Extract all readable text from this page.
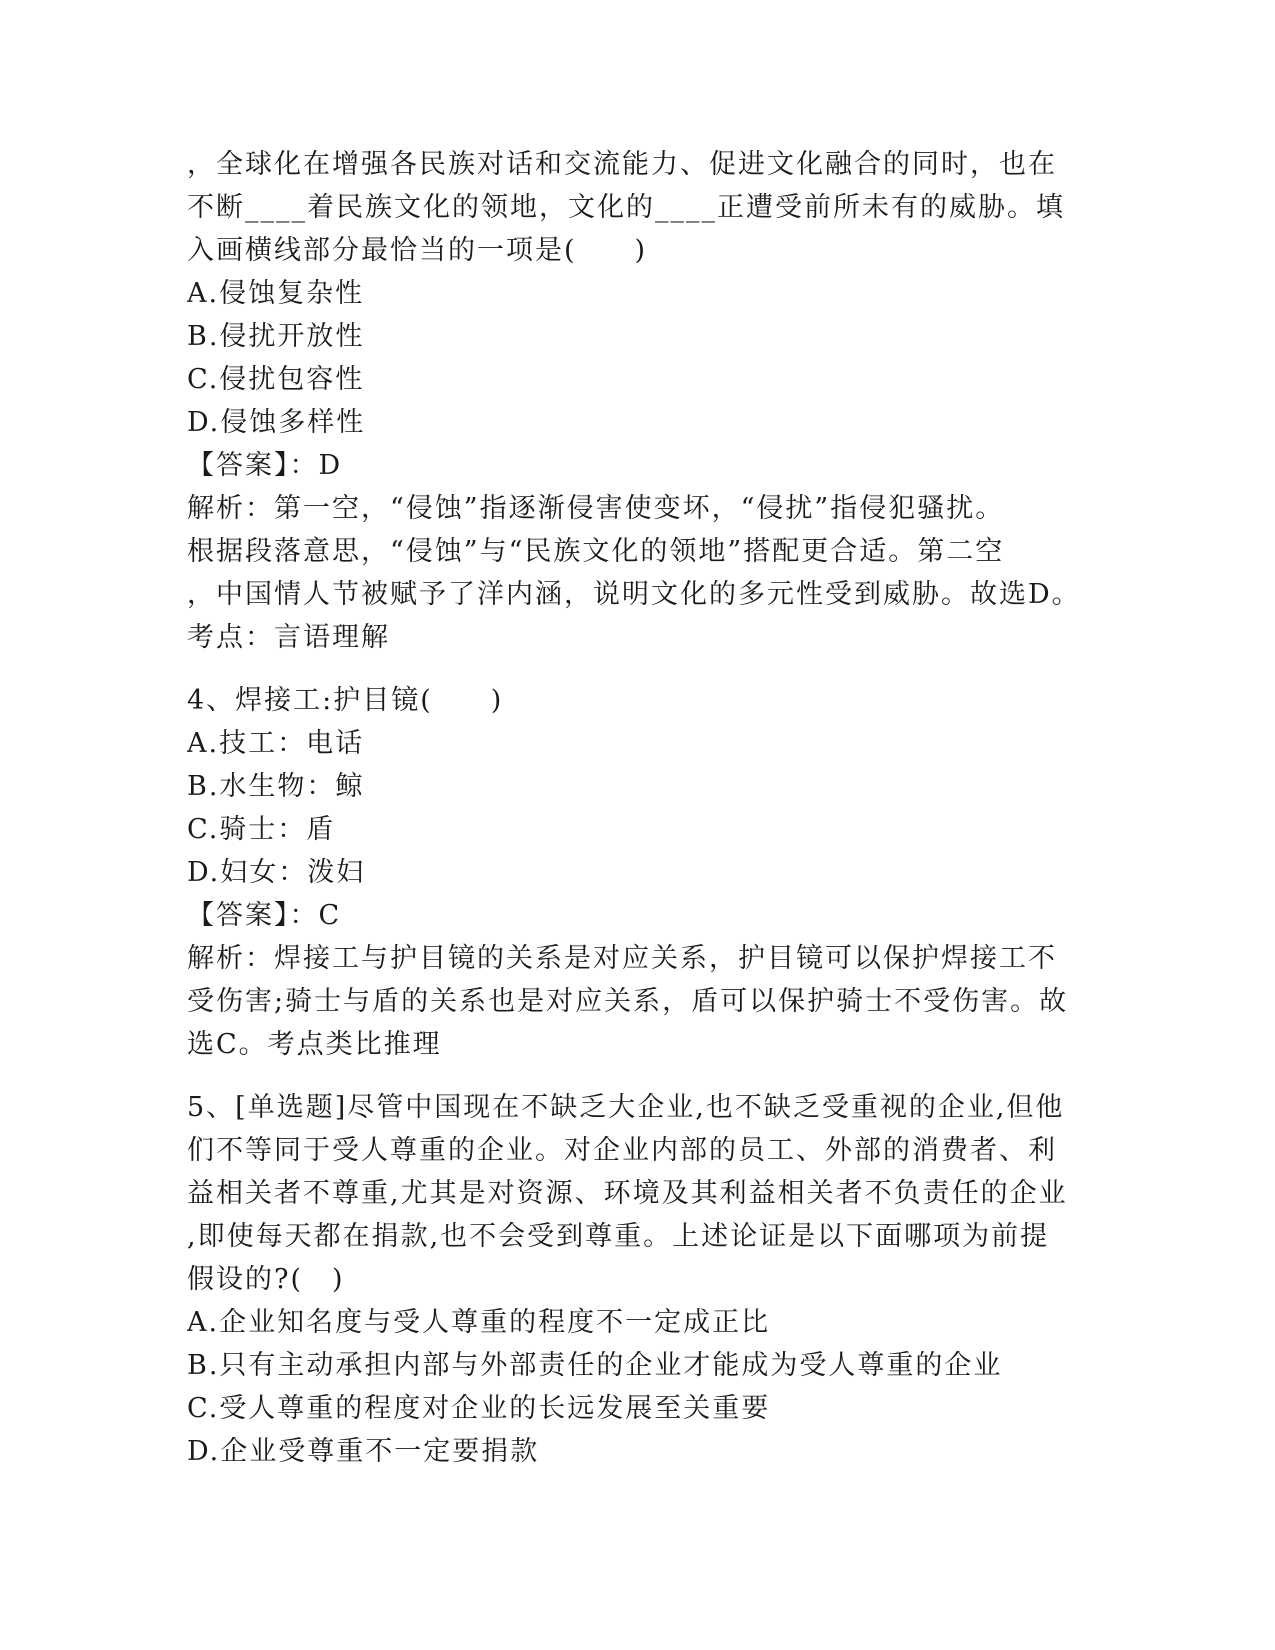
，全球化在增强各民族对话和交流能力、促进文化融合的同时，也在
不断____着民族文化的领地，文化的____正遭受前所未有的威胁。填
入画横线部分最恰当的一项是(　　)
A.侵蚀复杂性
B.侵扰开放性
C.侵扰包容性
D.侵蚀多样性
【答案】：D
解析：第一空，“侵蚀”指逐渐侵害使变坏，“侵扰”指侵犯骚扰。
根据段落意思，“侵蚀”与“民族文化的领地”搭配更合适。第二空
，中国情人节被赋予了洋内涵，说明文化的多元性受到威胁。故选D。
考点：言语理解
4、焊接工:护目镜(　　)
A.技工：电话
B.水生物：鲸
C.骑士：盾
D.妇女：泼妇
【答案】：C
解析：焊接工与护目镜的关系是对应关系，护目镜可以保护焊接工不
受伤害;骑士与盾的关系也是对应关系，盾可以保护骑士不受伤害。故
选C。考点类比推理
5、[单选题]尽管中国现在不缺乏大企业,也不缺乏受重视的企业,但他
们不等同于受人尊重的企业。对企业内部的员工、外部的消费者、利
益相关者不尊重,尤其是对资源、环境及其利益相关者不负责任的企业
,即使每天都在捐款,也不会受到尊重。上述论证是以下面哪项为前提
假设的?(　)
A.企业知名度与受人尊重的程度不一定成正比
B.只有主动承担内部与外部责任的企业才能成为受人尊重的企业
C.受人尊重的程度对企业的长远发展至关重要
D.企业受尊重不一定要捐款
